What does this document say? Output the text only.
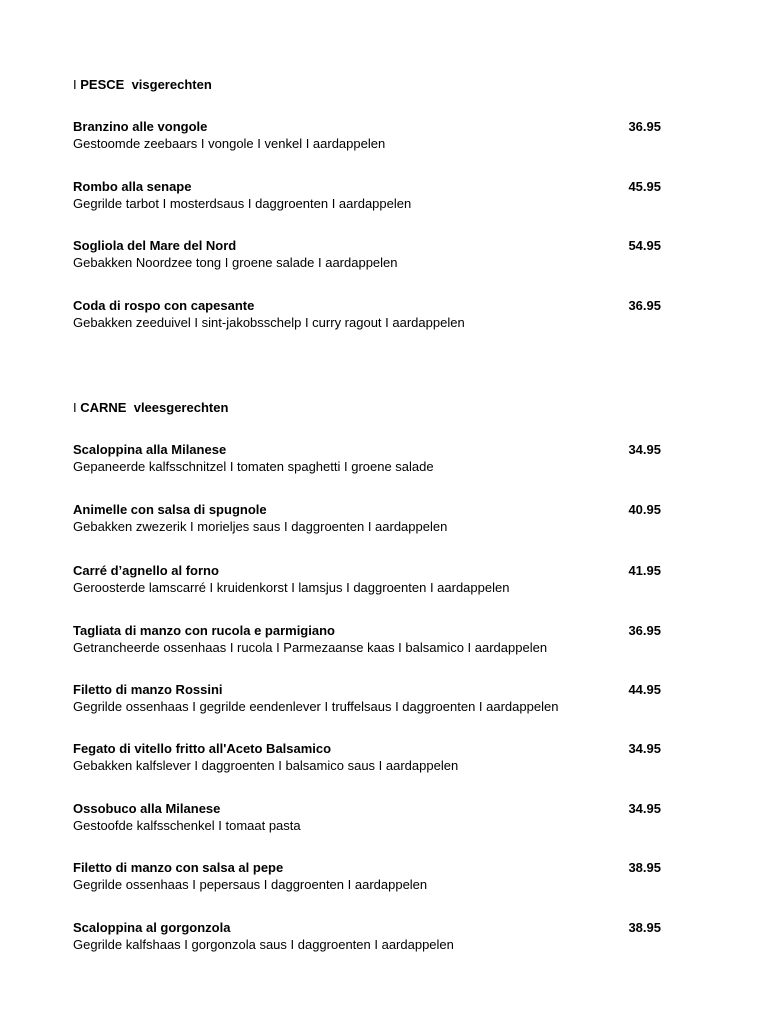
I PESCE visgerechten
Branzino alle vongole	36.95
Gestoomde zeebaars I vongole I venkel I aardappelen
Rombo alla senape	45.95
Gegrilde tarbot I mosterdsaus I daggroenten I aardappelen
Sogliola del Mare del Nord	54.95
Gebakken Noordzee tong I groene salade I aardappelen
Coda di rospo con capesante	36.95
Gebakken zeeduivel I sint-jakobsschelp I curry ragout I aardappelen
I CARNE vleesgerechten
Scaloppina alla Milanese	34.95
Gepaneerde kalfsschnitzel I tomaten spaghetti I groene salade
Animelle con salsa di spugnole	40.95
Gebakken zwezerik I morieljes saus I daggroenten I aardappelen
Carré d’agnello al forno	41.95
Geroosterde lamscarré I kruidenkorst I lamsjus I daggroenten I aardappelen
Tagliata di manzo con rucola e parmigiano	36.95
Getrancheerde ossenhaas I rucola I Parmezaanse kaas I balsamico I aardappelen
Filetto di manzo Rossini	44.95
Gegrilde ossenhaas I gegrilde eendenlever I truffelsaus I daggroenten I aardappelen
Fegato di vitello fritto all'Aceto Balsamico	34.95
Gebakken kalfslever I daggroenten I balsamico saus I aardappelen
Ossobuco alla Milanese	34.95
Gestoofde kalfsschenkel I tomaat pasta
Filetto di manzo con salsa al pepe	38.95
Gegrilde ossenhaas I pepersaus I daggroenten I aardappelen
Scaloppina al gorgonzola	38.95
Gegrilde kalfshaas I gorgonzola saus I daggroenten I aardappelen
